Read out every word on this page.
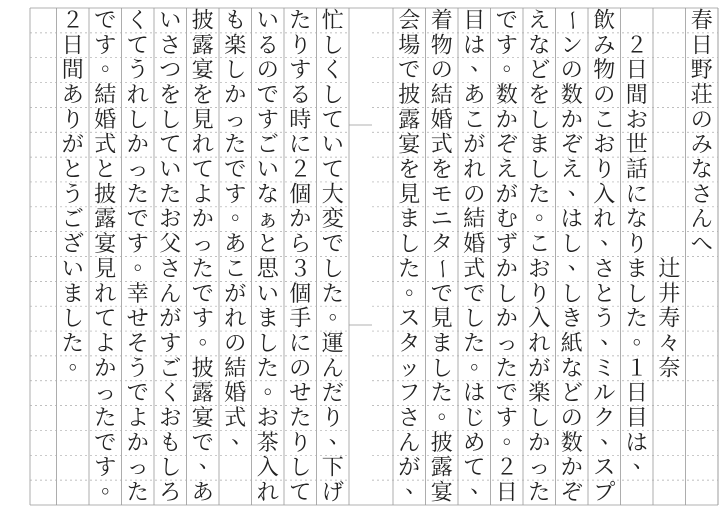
春
日
野
荘
の
み
な
さ
ん
へ
辻
井
寿
々
奈
２
日
間
お
世
話
に
な
り
ま
し
た
。
１
日
目
は
、
飲
み
物
の
こ
お
り
入
れ
、
さ
と
う
、
ミ
ル
ク
、
ス
プ
ー
ン
の
数
か
ぞ
え
、
は
し
、
し
き
紙
な
ど
の
数
か
ぞ
え
な
ど
を
し
ま
し
た
。
こ
お
り
入
れ
が
楽
し
か
っ
た
で
す
。
数
か
ぞ
え
が
む
ず
か
し
か
っ
た
で
す
。
２
日
目
は
、
あ
こ
が
れ
の
結
婚
式
で
し
た
。
は
じ
め
て
、
着
物
の
結
婚
式
を
モ
ニ
タ
ー
で
見
ま
し
た
。
披
露
宴
会
場
で
披
露
宴
を
見
ま
し
た
。
ス
タ
ッ
フ
さ
ん
が
、
忙
し
く
し
て
い
て
大
変
で
し
た
。
運
ん
だ
り
、
下
げ
た
り
す
る
時
に
２
個
か
ら
３
個
手
に
の
せ
た
り
し
て
い
る
の
で
す
ご
い
な
ぁ
と
思
い
ま
し
た
。
お
茶
入
れ
も
楽
し
か
っ
た
で
す
。
あ
こ
が
れ
の
結
婚
式
、
披
露
宴
を
見
れ
て
よ
か
っ
た
で
す
。
披
露
宴
で
、
あ
い
さ
つ
を
し
て
い
た
お
父
さ
ん
が
す
ご
く
お
も
し
ろ
く
て
う
れ
し
か
っ
た
で
す
。
幸
せ
そ
う
で
よ
か
っ
た
で
す
。
結
婚
式
と
披
露
宴
見
れ
て
よ
か
っ
た
で
す
。
２
日
間
あ
り
が
と
う
ご
ざ
い
ま
し
た
。
